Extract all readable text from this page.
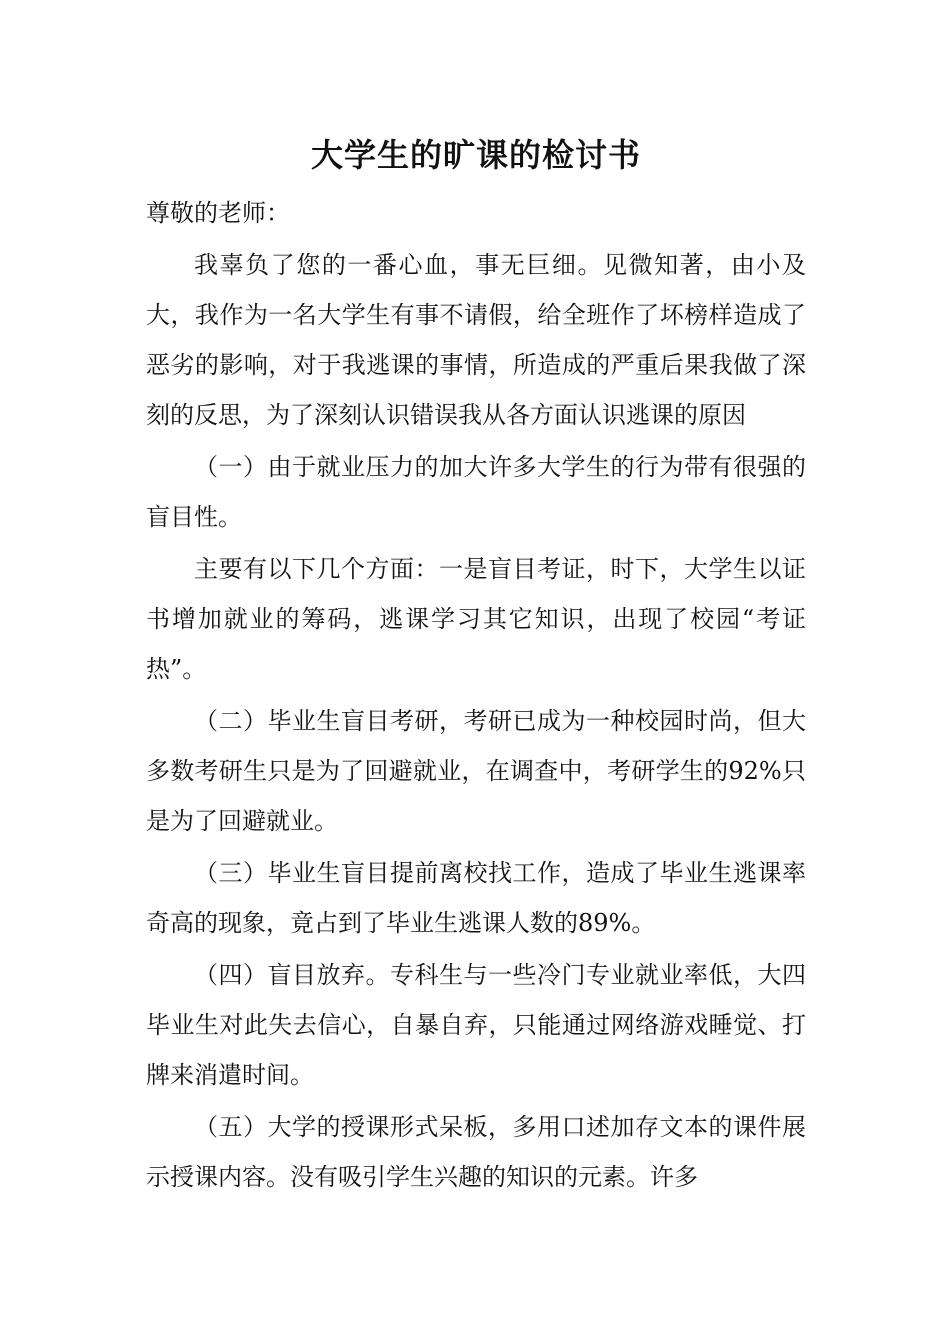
大学生的旷课的检讨书

尊敬的老师：

我辜负了您的一番心血，事无巨细。见微知著，由小及大，我作为一名大学生有事不请假，给全班作了坏榜样造成了恶劣的影响，对于我逃课的事情，所造成的严重后果我做了深刻的反思，为了深刻认识错误我从各方面认识逃课的原因

（一）由于就业压力的加大许多大学生的行为带有很强的盲目性。

主要有以下几个方面：一是盲目考证，时下，大学生以证书增加就业的筹码，逃课学习其它知识，出现了校园“考证热”。

（二）毕业生盲目考研，考研已成为一种校园时尚，但大多数考研生只是为了回避就业，在调查中，考研学生的92%只是为了回避就业。

（三）毕业生盲目提前离校找工作，造成了毕业生逃课率奇高的现象，竟占到了毕业生逃课人数的89%。

（四）盲目放弃。专科生与一些冷门专业就业率低，大四毕业生对此失去信心，自暴自弃，只能通过网络游戏睡觉、打牌来消遣时间。

（五）大学的授课形式呆板，多用口述加存文本的课件展示授课内容。没有吸引学生兴趣的知识的元素。许多
